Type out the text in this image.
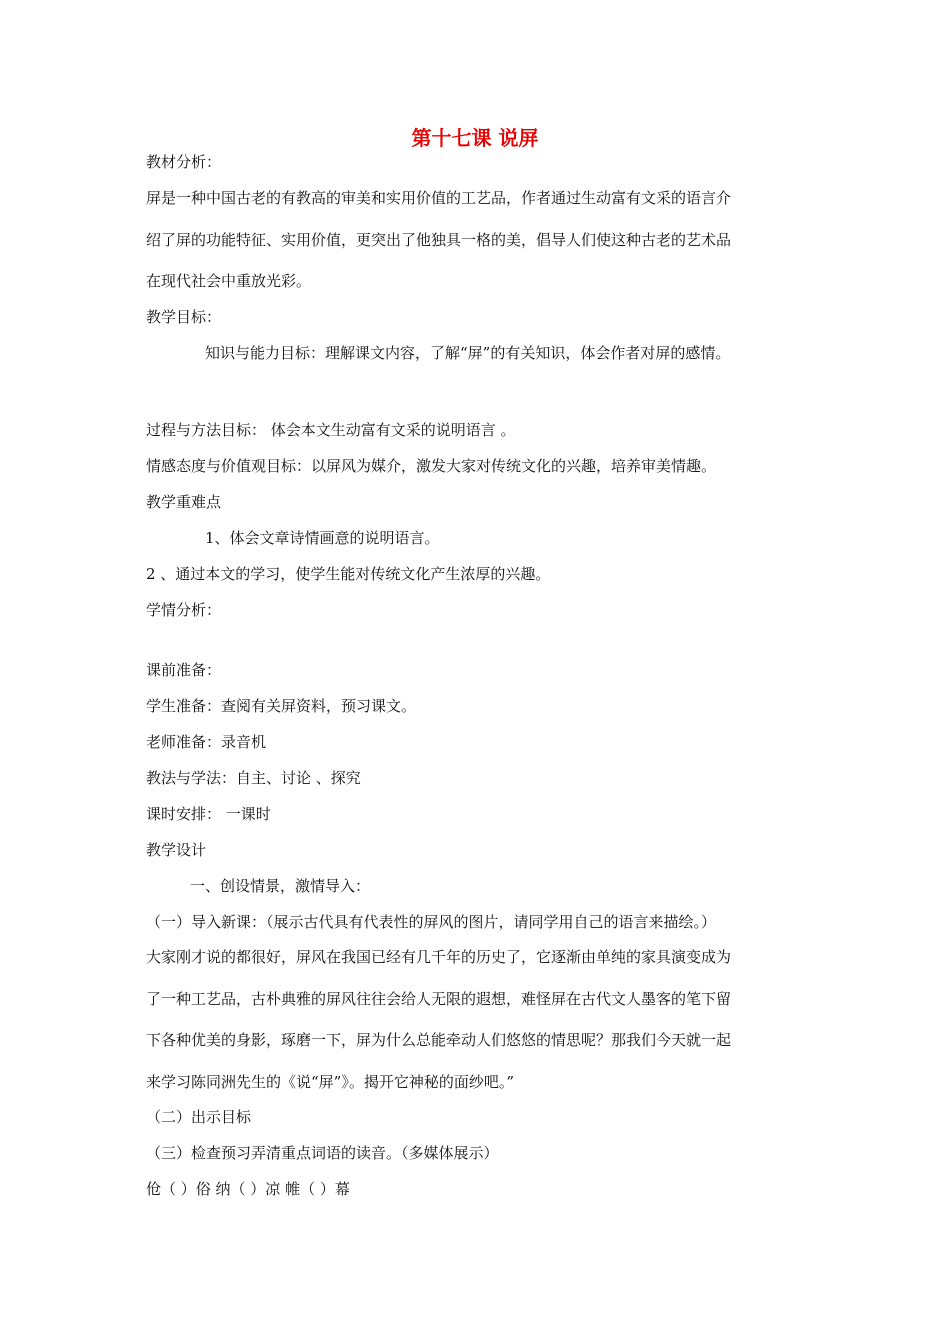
第十七课 说屏
教材分析：
屏是一种中国古老的有教高的审美和实用价值的工艺品，作者通过生动富有文采的语言介
绍了屏的功能特征、实用价值，更突出了他独具一格的美，倡导人们使这种古老的艺术品
在现代社会中重放光彩。
教学目标：
知识与能力目标：理解课文内容，了解“屏”的有关知识，体会作者对屏的感情。
过程与方法目标： 体会本文生动富有文采的说明语言 。
情感态度与价值观目标：以屏风为媒介，激发大家对传统文化的兴趣，培养审美情趣。
教学重难点
1、体会文章诗情画意的说明语言。
2 、通过本文的学习，使学生能对传统文化产生浓厚的兴趣。
学情分析：
课前准备：
学生准备：查阅有关屏资料，预习课文。
老师准备：录音机
教法与学法：自主、讨论 、探究
课时安排： 一课时
教学设计
一、创设情景，激情导入：
（一）导入新课：（展示古代具有代表性的屏风的图片，请同学用自己的语言来描绘。）
大家刚才说的都很好，屏风在我国已经有几千年的历史了，它逐渐由单纯的家具演变成为
了一种工艺品，古朴典雅的屏风往往会给人无限的遐想，难怪屏在古代文人墨客的笔下留
下各种优美的身影，琢磨一下，屏为什么总能牵动人们悠悠的情思呢？那我们今天就一起
来学习陈同洲先生的《说“屏”》。揭开它神秘的面纱吧。”
（二）出示目标
（三）检查预习弄清重点词语的读音。（多媒体展示）
伧（ ）俗 纳（ ）凉 帷（ ）幕
